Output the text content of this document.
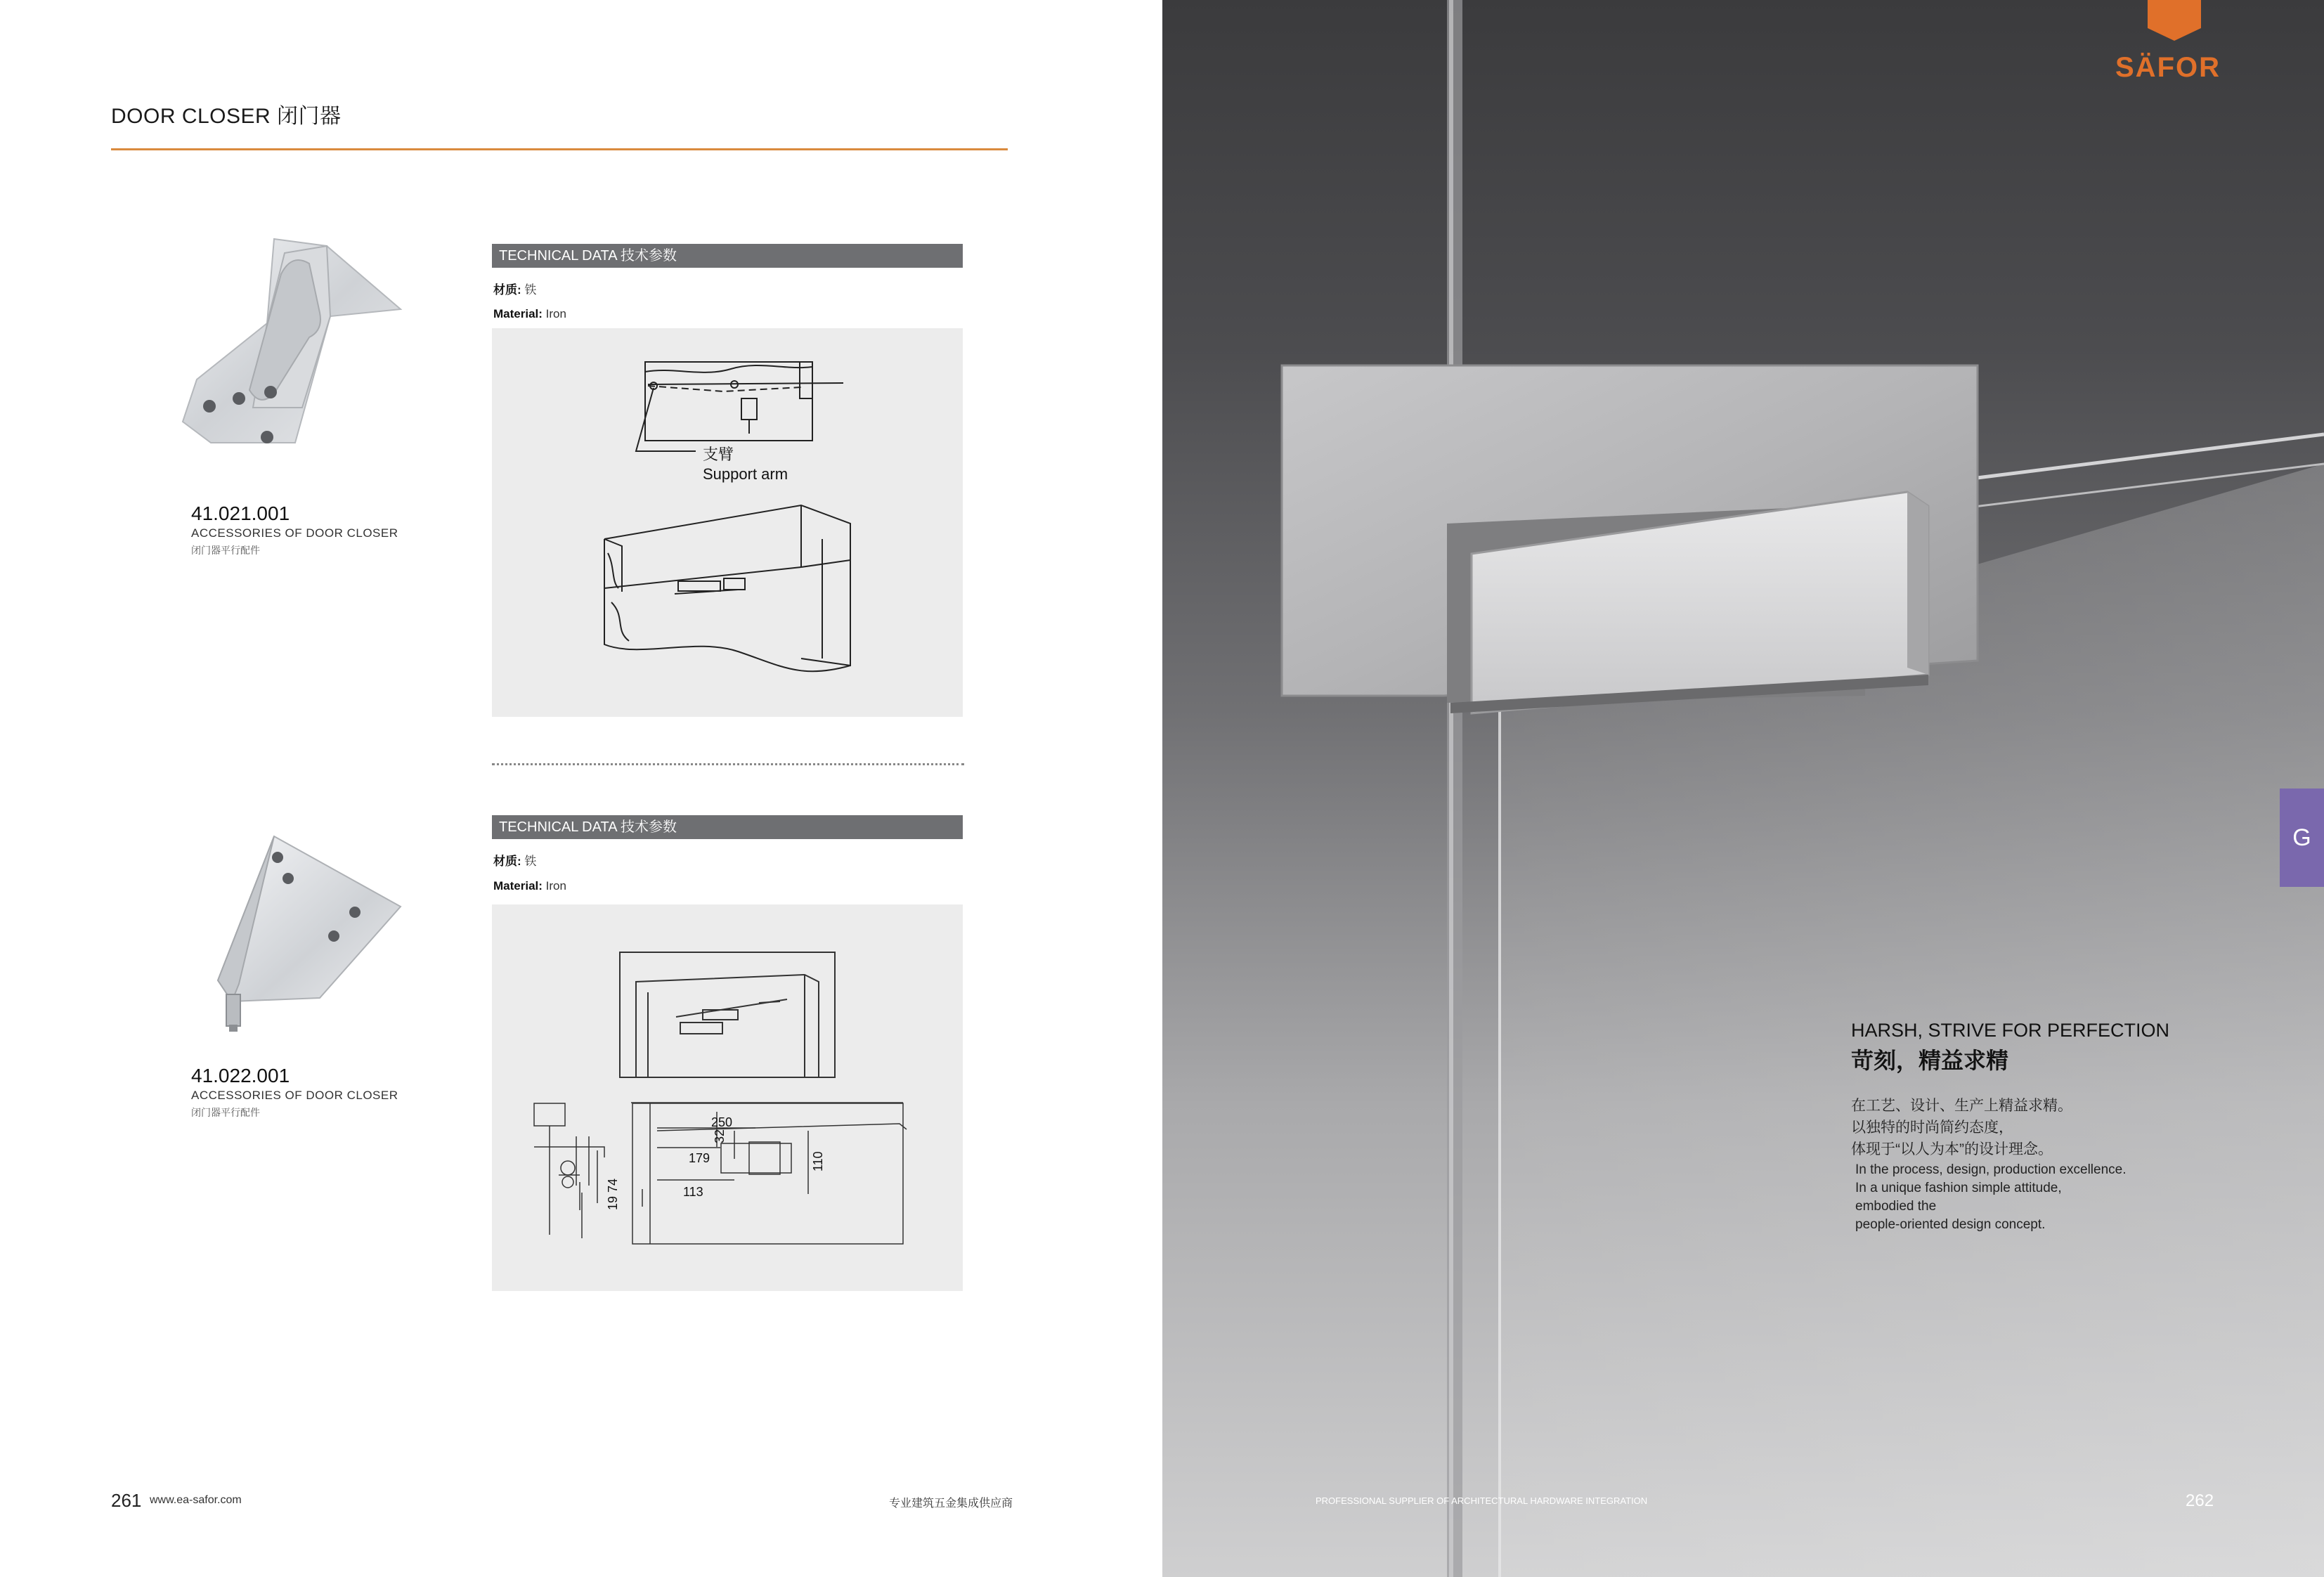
DOOR CLOSER 闭门器
41.021.001
ACCESSORIES OF DOOR CLOSER
闭门器平行配件
TECHNICAL DATA 技术参数
材质: 铁
Material: Iron
支臂
Support arm
41.022.001
ACCESSORIES OF DOOR CLOSER
闭门器平行配件
TECHNICAL DATA 技术参数
材质: 铁
Material: Iron
250
179
32
113
110
19
74
261 www.ea-safor.com	专业建筑五金集成供应商
SÄFOR
G
HARSH, STRIVE FOR PERFECTION
苛刻，精益求精
在工艺、设计、生产上精益求精。
以独特的时尚简约态度，
体现于“以人为本”的设计理念。
In the process, design, production excellence.
In a unique fashion simple attitude,
embodied the
people-oriented design concept.
PROFESSIONAL SUPPLIER OF ARCHITECTURAL HARDWARE INTEGRATION	262
